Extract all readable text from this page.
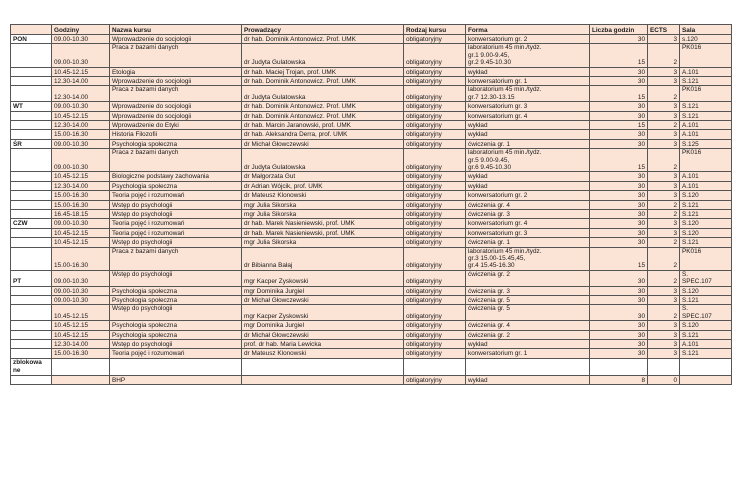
	Godziny	Nazwa kursu	Prowadzący	Rodzaj kursu	Forma	Liczba godzin	ECTS	Sala
PON	09.00-10.30	Wprowadzenie do socjologii	dr hab. Dominik Antonowicz. Prof. UMK	obligatoryjny	konwersatorium gr. 2	30	3	s.120

	09.00-10.30	Praca z bazami danych	dr Judyta Gulatowska	obligatoryjny	laboratorium 45 min./tydz.
gr.1 9.00-9.45,
gr.2 9.45-10.30	15	2	PK016

	10.45-12.15	Etologia	dr hab. Maciej Trojan, prof. UMK	obligatoryjny	wykład	30	3	A.101

	12.30-14.00	Wprowadzenie do socjologii	dr hab. Dominik Antonowicz. Prof. UMK	obligatoryjny	konwersatorium gr. 1	30	3	S.121

	12.30-14.00	Praca z bazami danych	dr Judyta Gulatowska	obligatoryjny	laboratorium 45 min./tydz.
gr.7 12.30-13.15	15	2	PK016

WT	09.00-10.30	Wprowadzenie do socjologii	dr hab. Dominik Antonowicz. Prof. UMK	obligatoryjny	konwersatorium gr. 3	30	3	S.121

	10.45-12.15	Wprowadzenie do socjologii	dr hab. Dominik Antonowicz. Prof. UMK	obligatoryjny	konwersatorium gr. 4	30	3	S.121

	12.30-14.00	Wprowadzenie do Etyki	dr hab. Marcin Jaranowski, prof. UMK	obligatoryjny	wykład	15	2	A.101

	15.00-16.30	Historia Filozofii	dr hab. Aleksandra Derra, prof. UMK	obligatoryjny	wykład	30	3	A.101

ŚR	09.00-10.30	Psychologia społeczna	dr Michał Głowczewski	obligatoryjny	ćwiczenia gr. 1	30	3	S.125

	09.00-10.30	Praca z bazami danych	dr Judyta Gulatowska	obligatoryjny	laboratorium 45 min./tydz.
gr.5 9.00-9.45,
gr.6 9.45-10.30	15	2	PK016

	10.45-12.15	Biologiczne podstawy zachowania	dr Małgorzata Gut	obligatoryjny	wykład	30	3	A.101

	12.30-14.00	Psychologia społeczna	dr Adrian Wójcik, prof. UMK	obligatoryjny	wykład	30	3	A.101

	15.00-16.30	Teoria pojęć i rozumowań	dr Mateusz Klonowski	obligatoryjny	konwersatorium gr. 2	30	3	S.120

	15.00-16.30	Wstęp do psychologii	mgr Julia Sikorska	obligatoryjny	ćwiczenia gr. 4	30	2	S.121

	16.45-18.15	Wstęp do psychologii	mgr Julia Sikorska	obligatoryjny	ćwiczenia gr. 3	30	2	S.121

CZW	09.00-10.30	Teoria pojęć i rozumowań	dr hab. Marek Nasieniewski, prof. UMK	obligatoryjny	konwersatorium gr. 4	30	3	S.120

	10.45-12.15	Teoria pojęć i rozumowań	dr hab. Marek Nasieniewski, prof. UMK	obligatoryjny	konwersatorium gr. 3	30	3	S.120

	10.45-12.15	Wstęp do psychologii	mgr Julia Sikorska	obligatoryjny	ćwiczenia gr. 1	30	2	S.121

	15.00-16.30	Praca z bazami danych	dr Bibianna Bałaj	obligatoryjny	laboratorium 45 min./tydz.
gr.3 15.00-15.45,45,
gr.4 15.45-16.30	15	2	PK016

PT	09.00-10.30	Wstęp do psychologii	mgr Kacper Zyskowski	obligatoryjny	ćwiczenia gr. 2	30	2	S.
SPEC.107

	09.00-10.30	Psychologia społeczna	mgr Dominika Jurgiel	obligatoryjny	ćwiczenia gr. 3	30	3	S.120

	09.00-10.30	Psychologia społeczna	dr Michał Głowczewski	obligatoryjny	ćwiczenia gr. 5	30	3	S.121

	10.45-12.15	Wstęp do psychologii	mgr Kacper Zyskowski	obligatoryjny	ćwiczenia gr. 5	30	2	S.
SPEC.107

	10.45-12.15	Psychologia społeczna	mgr Dominika Jurgiel	obligatoryjny	ćwiczenia gr. 4	30	3	S.120

	10.45-12.15	Psychologia społeczna	dr Michał Głowczewski	obligatoryjny	ćwiczenia gr. 2	30	3	S.121

	12.30-14.00	Wstęp do psychologii	prof. dr hab. Maria Lewicka	obligatoryjny	wykład	30	3	A.101

	15.00-16.30	Teoria pojęć i rozumowań	dr Mateusz Klonowski	obligatoryjny	konwersatorium gr. 1	30	3	S.121

zblokowa ne					

		BHP		obligatoryjny	wykład	8	0	
